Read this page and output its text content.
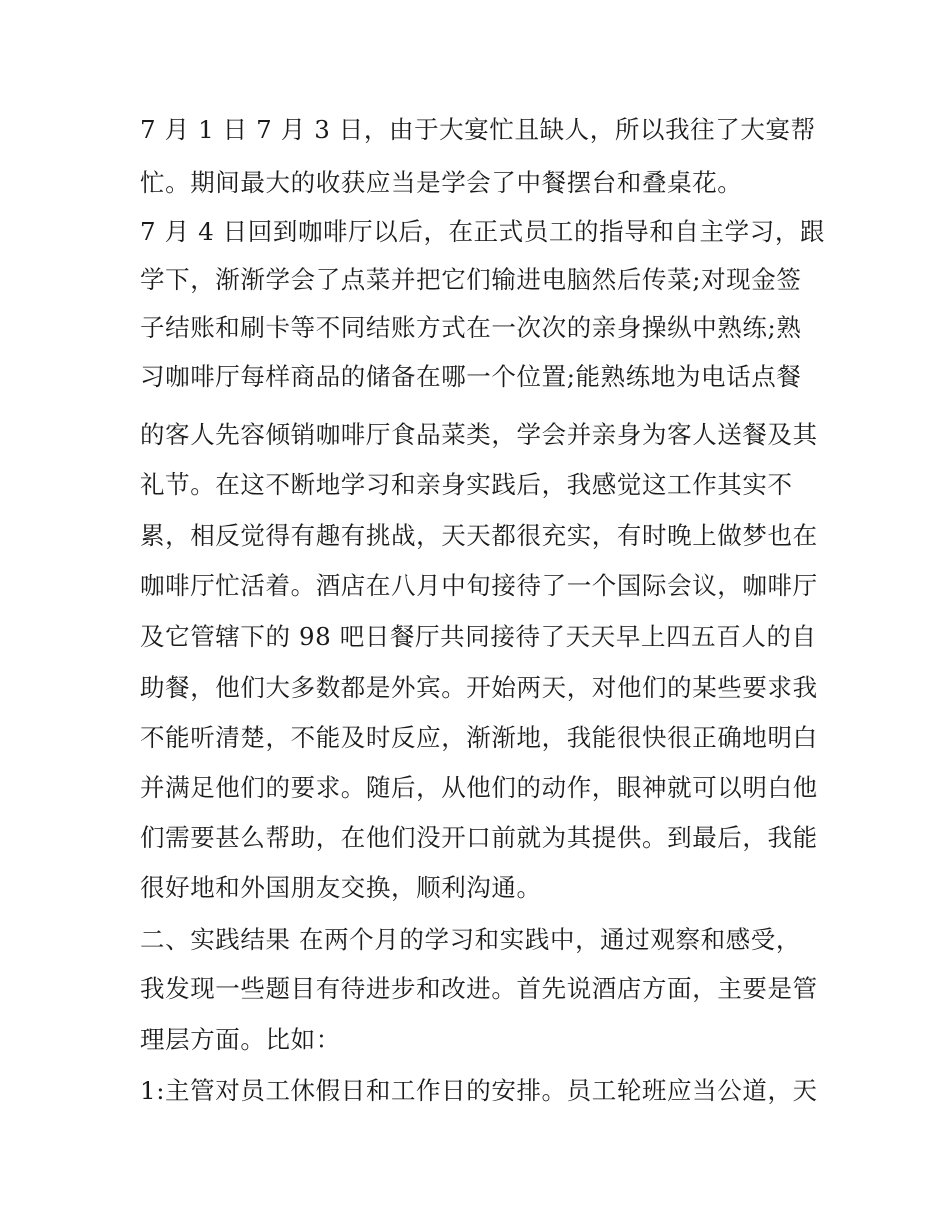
7 月 1 日 7 月 3 日，由于大宴忙且缺人，所以我往了大宴帮
忙。期间最大的收获应当是学会了中餐摆台和叠桌花。
7 月 4 日回到咖啡厅以后，在正式员工的指导和自主学习，跟
学下，渐渐学会了点菜并把它们输进电脑然后传菜;对现金签
子结账和刷卡等不同结账方式在一次次的亲身操纵中熟练;熟
习咖啡厅每样商品的储备在哪一个位置;能熟练地为电话点餐
的客人先容倾销咖啡厅食品菜类，学会并亲身为客人送餐及其
礼节。在这不断地学习和亲身实践后，我感觉这工作其实不
累，相反觉得有趣有挑战，天天都很充实，有时晚上做梦也在
咖啡厅忙活着。酒店在八月中旬接待了一个国际会议，咖啡厅
及它管辖下的 98 吧日餐厅共同接待了天天早上四五百人的自
助餐，他们大多数都是外宾。开始两天，对他们的某些要求我
不能听清楚，不能及时反应，渐渐地，我能很快很正确地明白
并满足他们的要求。随后，从他们的动作，眼神就可以明白他
们需要甚么帮助，在他们没开口前就为其提供。到最后，我能
很好地和外国朋友交换，顺利沟通。
二、实践结果 在两个月的学习和实践中，通过观察和感受，
我发现一些题目有待进步和改进。首先说酒店方面，主要是管
理层方面。比如：
1:主管对员工休假日和工作日的安排。员工轮班应当公道，天
